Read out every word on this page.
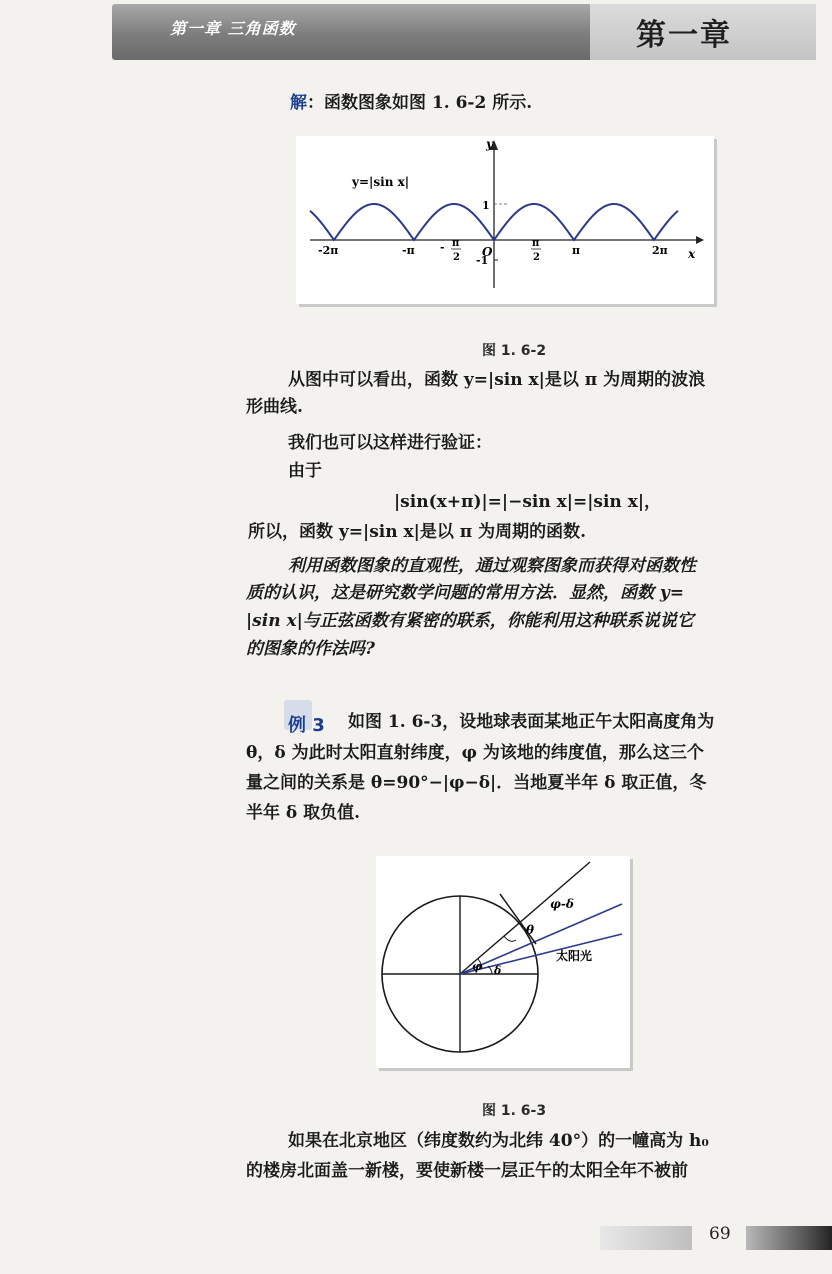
第一章 三角函数	第一章
解：函数图象如图 1. 6-2 所示.
y=|sin x|
y
x
O
1
-1
-2π	-π	π	2π
- π
2
π
2
图 1. 6-2
从图中可以看出，函数 y=|sin x|是以 π 为周期的波浪
形曲线.
我们也可以这样进行验证：
由于
|sin(x+π)|=|−sin x|=|sin x|，
所以，函数 y=|sin x|是以 π 为周期的函数.
利用函数图象的直观性，通过观察图象而获得对函数性
质的认识，这是研究数学问题的常用方法．显然，函数 y=
|sin x|与正弦函数有紧密的联系，你能利用这种联系说说它
的图象的作法吗?
例 3 如图 1. 6-3，设地球表面某地正午太阳高度角为
θ，δ 为此时太阳直射纬度，φ 为该地的纬度值，那么这三个
量之间的关系是 θ=90°−|φ−δ|．当地夏半年 δ 取正值，冬
半年 δ 取负值.
φ-δ
θ
φ δ
太阳光
图 1. 6-3
如果在北京地区（纬度数约为北纬 40°）的一幢高为 h₀
的楼房北面盖一新楼，要使新楼一层正午的太阳全年不被前
69
